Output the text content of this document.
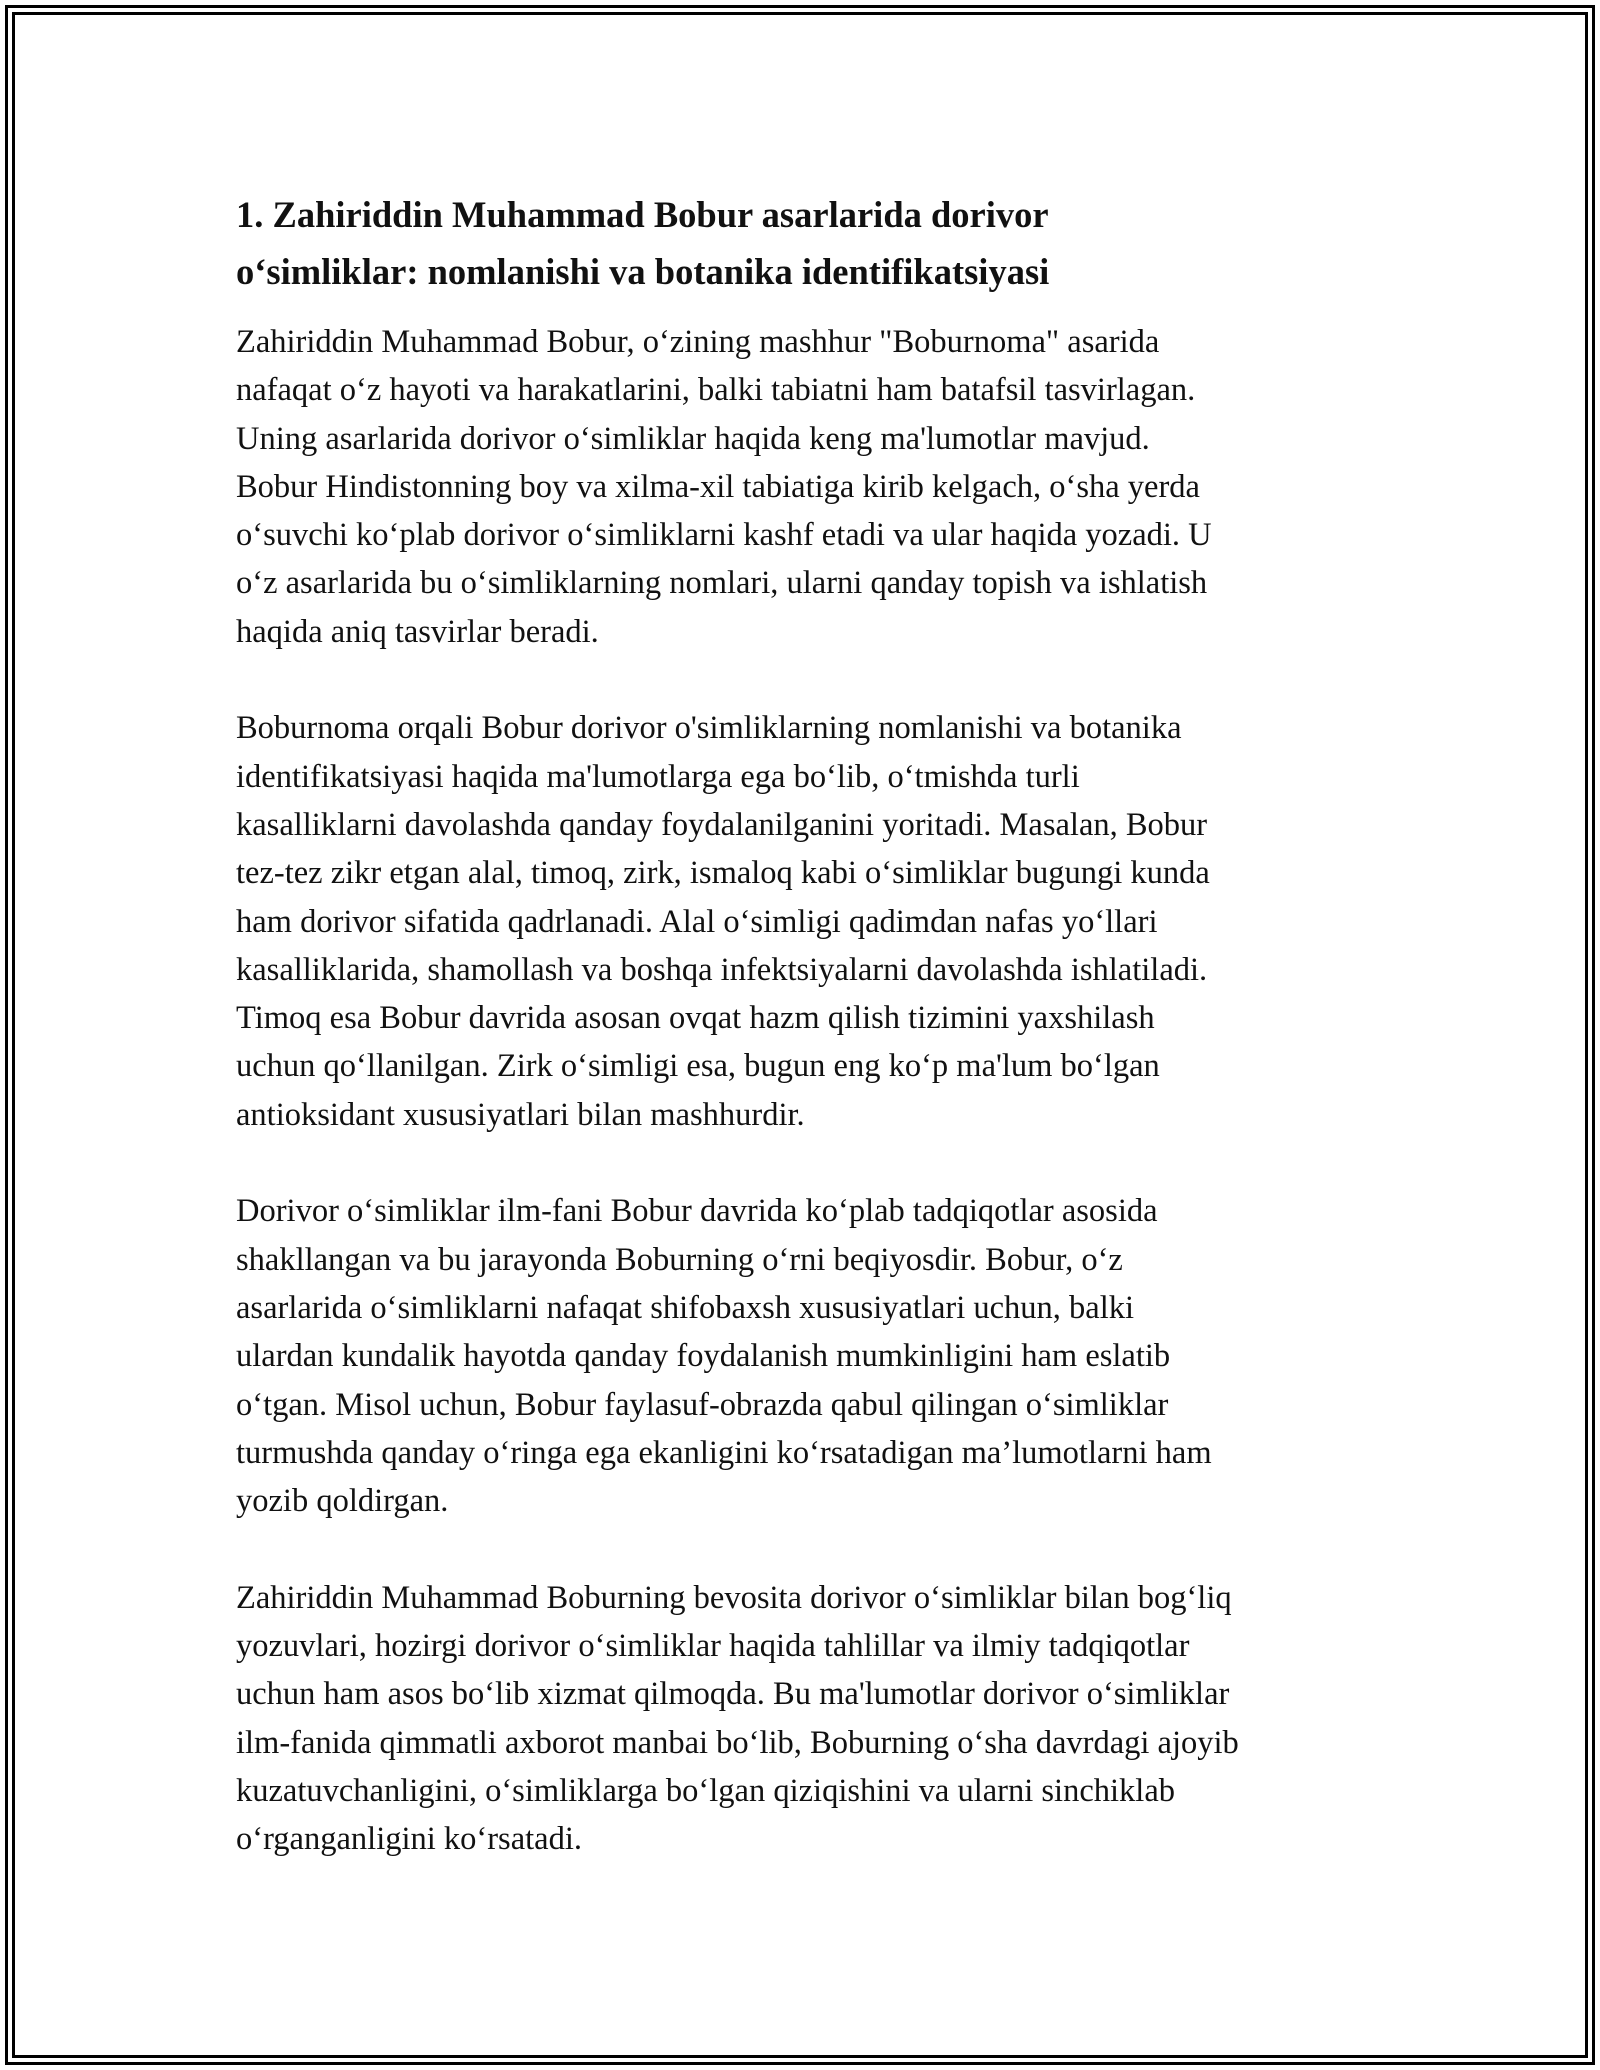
1. Zahiriddin Muhammad Bobur asarlarida dorivor
o‘simliklar: nomlanishi va botanika identifikatsiyasi

Zahiriddin Muhammad Bobur, o‘zining mashhur "Boburnoma" asarida
nafaqat o‘z hayoti va harakatlarini, balki tabiatni ham batafsil tasvirlagan.
Uning asarlarida dorivor o‘simliklar haqida keng ma'lumotlar mavjud.
Bobur Hindistonning boy va xilma-xil tabiatiga kirib kelgach, o‘sha yerda
o‘suvchi ko‘plab dorivor o‘simliklarni kashf etadi va ular haqida yozadi. U
o‘z asarlarida bu o‘simliklarning nomlari, ularni qanday topish va ishlatish
haqida aniq tasvirlar beradi.

Boburnoma orqali Bobur dorivor o'simliklarning nomlanishi va botanika
identifikatsiyasi haqida ma'lumotlarga ega bo‘lib, o‘tmishda turli
kasalliklarni davolashda qanday foydalanilganini yoritadi. Masalan, Bobur
tez-tez zikr etgan alal, timoq, zirk, ismaloq kabi o‘simliklar bugungi kunda
ham dorivor sifatida qadrlanadi. Alal o‘simligi qadimdan nafas yo‘llari
kasalliklarida, shamollash va boshqa infektsiyalarni davolashda ishlatiladi.
Timoq esa Bobur davrida asosan ovqat hazm qilish tizimini yaxshilash
uchun qo‘llanilgan. Zirk o‘simligi esa, bugun eng ko‘p ma'lum bo‘lgan
antioksidant xususiyatlari bilan mashhurdir.

Dorivor o‘simliklar ilm-fani Bobur davrida ko‘plab tadqiqotlar asosida
shakllangan va bu jarayonda Boburning o‘rni beqiyosdir. Bobur, o‘z
asarlarida o‘simliklarni nafaqat shifobaxsh xususiyatlari uchun, balki
ulardan kundalik hayotda qanday foydalanish mumkinligini ham eslatib
o‘tgan. Misol uchun, Bobur faylasuf-obrazda qabul qilingan o‘simliklar
turmushda qanday o‘ringa ega ekanligini ko‘rsatadigan ma’lumotlarni ham
yozib qoldirgan.

Zahiriddin Muhammad Boburning bevosita dorivor o‘simliklar bilan bog‘liq
yozuvlari, hozirgi dorivor o‘simliklar haqida tahlillar va ilmiy tadqiqotlar
uchun ham asos bo‘lib xizmat qilmoqda. Bu ma'lumotlar dorivor o‘simliklar
ilm-fanida qimmatli axborot manbai bo‘lib, Boburning o‘sha davrdagi ajoyib
kuzatuvchanligini, o‘simliklarga bo‘lgan qiziqishini va ularni sinchiklab
o‘rganganligini ko‘rsatadi.
